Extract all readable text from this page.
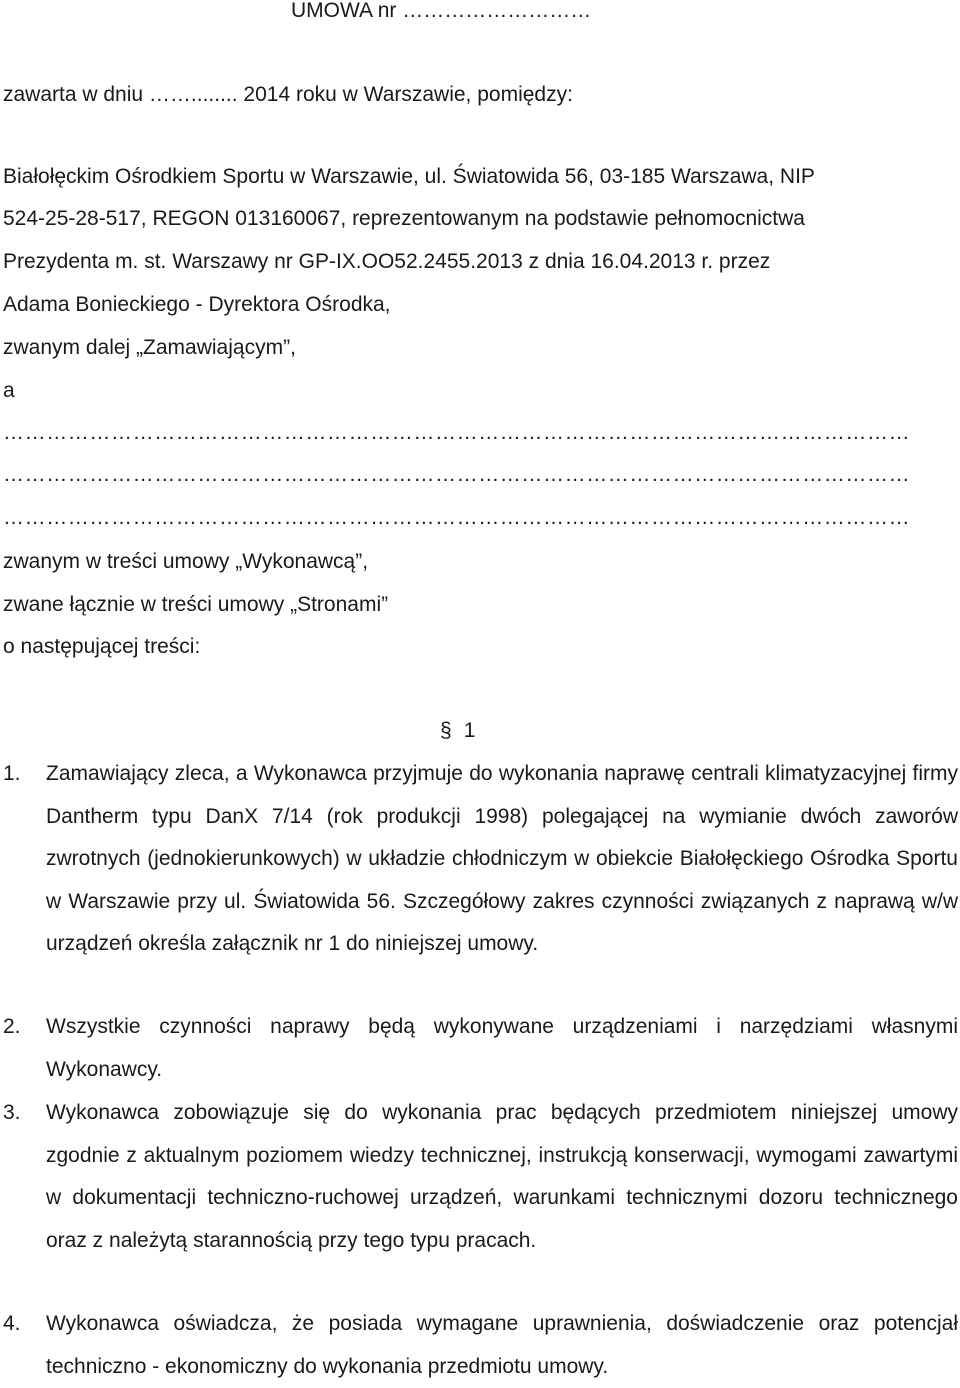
UMOWA nr ………………………
zawarta w dniu ……........ 2014 roku w Warszawie, pomiędzy:
Białołęckim Ośrodkiem Sportu w Warszawie, ul. Światowida 56, 03-185 Warszawa, NIP
524-25-28-517, REGON 013160067, reprezentowanym na podstawie pełnomocnictwa
Prezydenta m. st. Warszawy nr GP-IX.OO52.2455.2013 z dnia 16.04.2013 r. przez
Adama Bonieckiego - Dyrektora Ośrodka,
zwanym dalej „Zamawiającym”,
a
………………………………………………………………………………………………………………
………………………………………………………………………………………………………………
………………………………………………………………………………………………………………
zwanym w treści umowy „Wykonawcą”,
zwane łącznie w treści umowy „Stronami”
o następującej treści:
§ 1
1. Zamawiający zleca, a Wykonawca przyjmuje do wykonania naprawę centrali klimatyzacyjnej firmy Dantherm typu DanX 7/14 (rok produkcji 1998) polegającej na wymianie dwóch zaworów zwrotnych (jednokierunkowych) w układzie chłodniczym w obiekcie Białołęckiego Ośrodka Sportu w Warszawie przy ul. Światowida 56. Szczegółowy zakres czynności związanych z naprawą w/w urządzeń określa załącznik nr 1 do niniejszej umowy.
2. Wszystkie czynności naprawy będą wykonywane urządzeniami i narzędziami własnymi Wykonawcy.
3. Wykonawca zobowiązuje się do wykonania prac będących przedmiotem niniejszej umowy zgodnie z aktualnym poziomem wiedzy technicznej, instrukcją konserwacji, wymogami zawartymi w dokumentacji techniczno-ruchowej urządzeń, warunkami technicznymi dozoru technicznego oraz z należytą starannością przy tego typu pracach.
4. Wykonawca oświadcza, że posiada wymagane uprawnienia, doświadczenie oraz potencjał techniczno - ekonomiczny do wykonania przedmiotu umowy.
